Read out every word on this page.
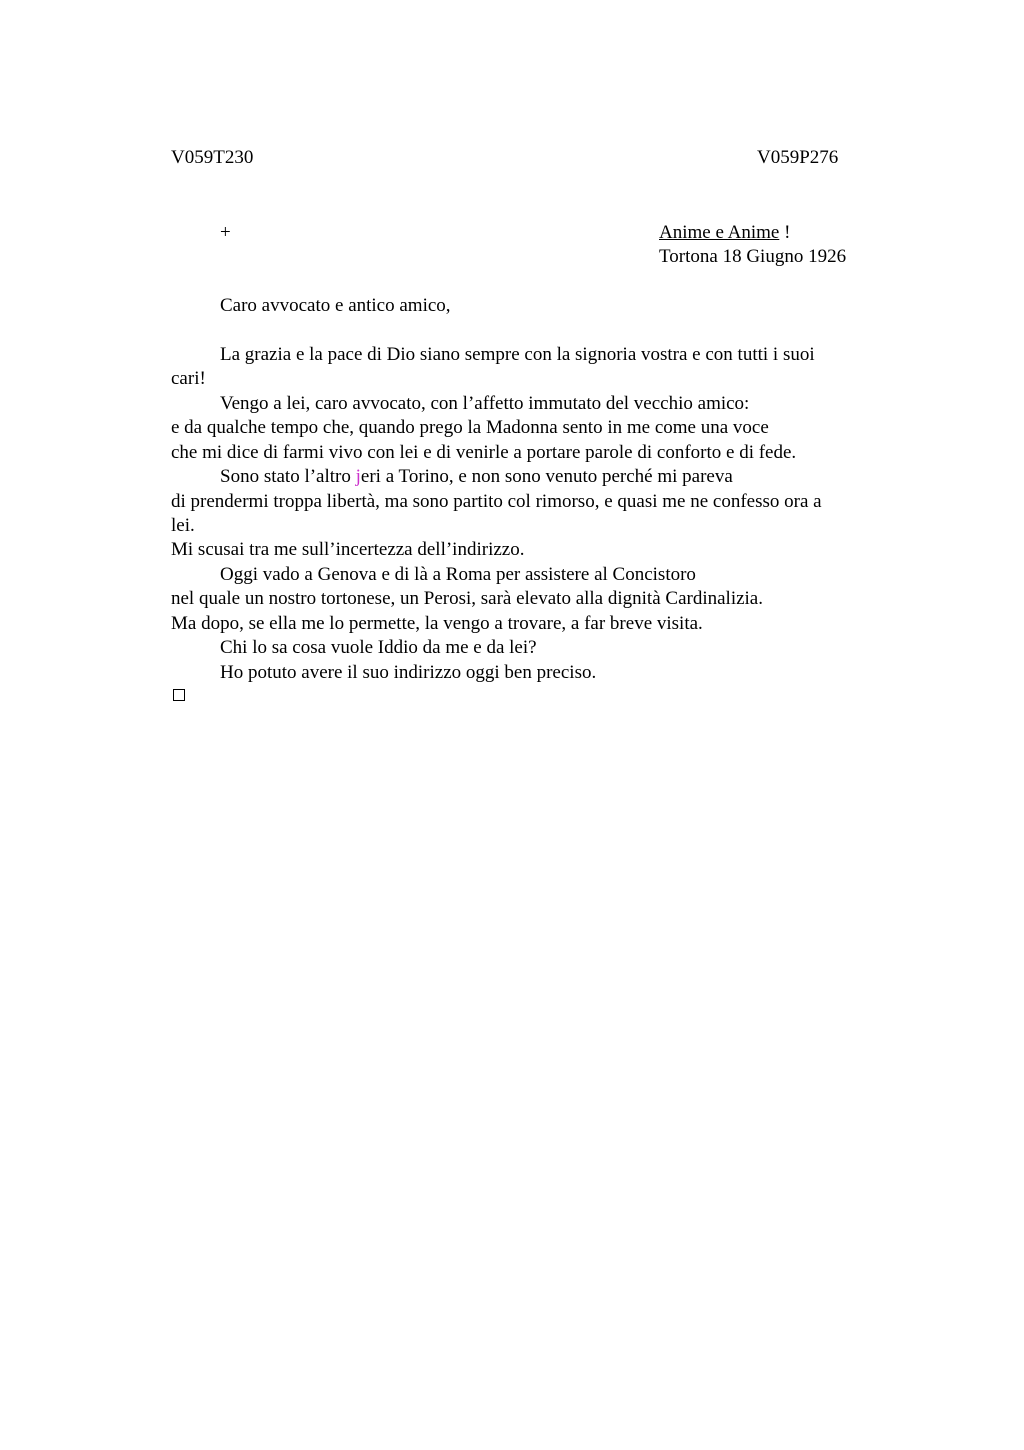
V059T230	V059P276
+	Anime e Anime !
Tortona 18 Giugno 1926
Caro avvocato e antico amico,
La grazia e la pace di Dio siano sempre con la signoria vostra e con tutti i suoi
cari!
Vengo a lei, caro avvocato, con l’affetto immutato del vecchio amico:
e da qualche tempo che, quando prego la Madonna sento in me come una voce
che mi dice di farmi vivo con lei e di venirle a portare parole di conforto e di fede.
Sono stato l’altro jeri a Torino, e non sono venuto perché mi pareva
di prendermi troppa libertà, ma sono partito col rimorso, e quasi me ne confesso ora a
lei.
Mi scusai tra me sull’incertezza dell’indirizzo.
Oggi vado a Genova e di là a Roma per assistere al Concistoro
nel quale un nostro tortonese, un Perosi, sarà elevato alla dignità Cardinalizia.
Ma dopo, se ella me lo permette, la vengo a trovare, a far breve visita.
Chi lo sa cosa vuole Iddio da me e da lei?
Ho potuto avere il suo indirizzo oggi ben preciso.
